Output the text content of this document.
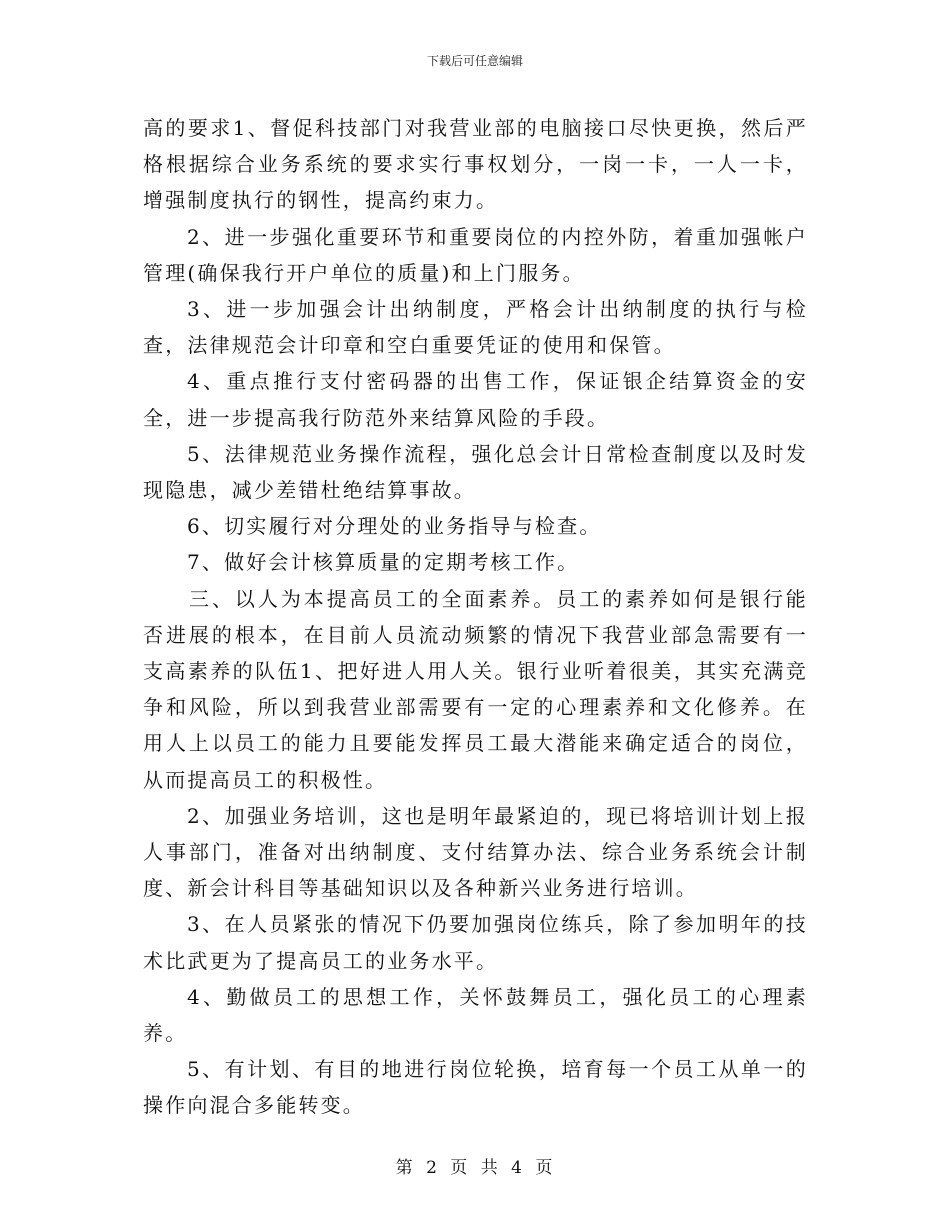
下载后可任意编辑

高的要求1、督促科技部门对我营业部的电脑接口尽快更换，然后严格根据综合业务系统的要求实行事权划分，一岗一卡，一人一卡，增强制度执行的钢性，提高约束力。

2、进一步强化重要环节和重要岗位的内控外防，着重加强帐户管理(确保我行开户单位的质量)和上门服务。

3、进一步加强会计出纳制度，严格会计出纳制度的执行与检查，法律规范会计印章和空白重要凭证的使用和保管。

4、重点推行支付密码器的出售工作，保证银企结算资金的安全，进一步提高我行防范外来结算风险的手段。

5、法律规范业务操作流程，强化总会计日常检查制度以及时发现隐患，减少差错杜绝结算事故。

6、切实履行对分理处的业务指导与检查。

7、做好会计核算质量的定期考核工作。

三、以人为本提高员工的全面素养。员工的素养如何是银行能否进展的根本，在目前人员流动频繁的情况下我营业部急需要有一支高素养的队伍1、把好进人用人关。银行业听着很美，其实充满竞争和风险，所以到我营业部需要有一定的心理素养和文化修养。在用人上以员工的能力且要能发挥员工最大潜能来确定适合的岗位，从而提高员工的积极性。

2、加强业务培训，这也是明年最紧迫的，现已将培训计划上报人事部门，准备对出纳制度、支付结算办法、综合业务系统会计制度、新会计科目等基础知识以及各种新兴业务进行培训。

3、在人员紧张的情况下仍要加强岗位练兵，除了参加明年的技术比武更为了提高员工的业务水平。

4、勤做员工的思想工作，关怀鼓舞员工，强化员工的心理素养。

5、有计划、有目的地进行岗位轮换，培育每一个员工从单一的操作向混合多能转变。

第 2 页 共 4 页
